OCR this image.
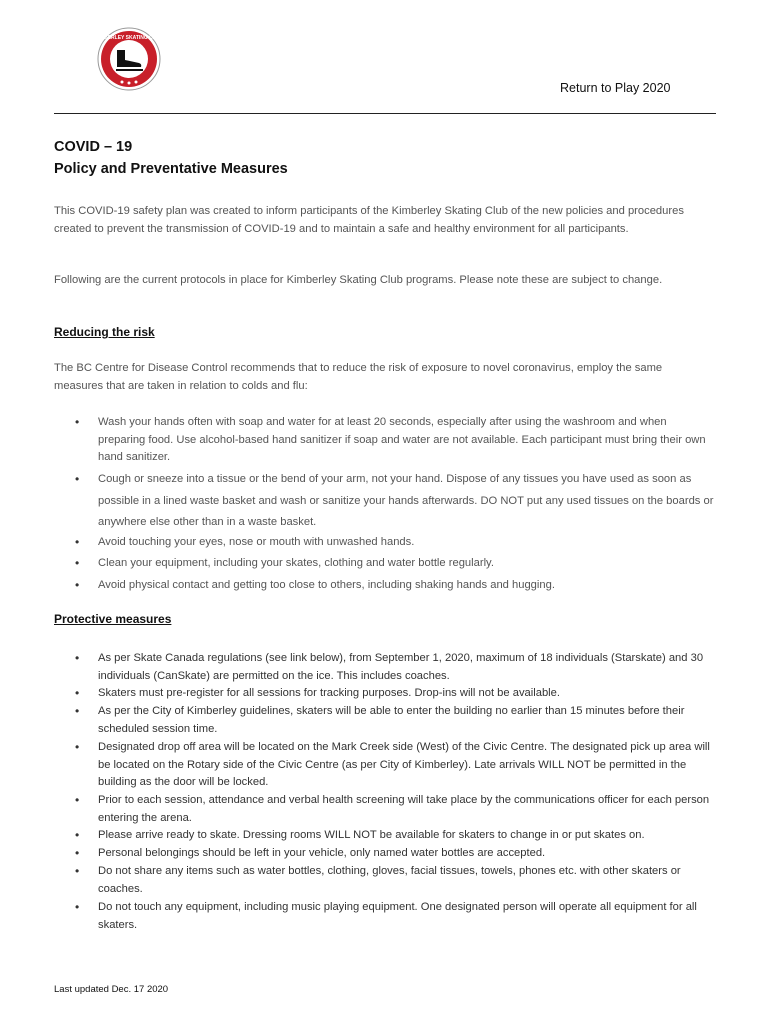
KIMBERLEY SKATING CLUB
Return to Play 2020
COVID – 19
Policy and Preventative Measures
This COVID-19 safety plan was created to inform participants of the Kimberley Skating Club of the new policies and procedures created to prevent the transmission of COVID-19 and to maintain a safe and healthy environment for all participants.
Following are the current protocols in place for Kimberley Skating Club programs. Please note these are subject to change.
Reducing the risk
The BC Centre for Disease Control recommends that to reduce the risk of exposure to novel coronavirus, employ the same measures that are taken in relation to colds and flu:
• Wash your hands often with soap and water for at least 20 seconds, especially after using the washroom and when preparing food. Use alcohol-based hand sanitizer if soap and water are not available. Each participant must bring their own hand sanitizer.
• Cough or sneeze into a tissue or the bend of your arm, not your hand. Dispose of any tissues you have used as soon as possible in a lined waste basket and wash or sanitize your hands afterwards. DO NOT put any used tissues on the boards or anywhere else other than in a waste basket.
• Avoid touching your eyes, nose or mouth with unwashed hands.
• Clean your equipment, including your skates, clothing and water bottle regularly.
• Avoid physical contact and getting too close to others, including shaking hands and hugging.
Protective measures
• As per Skate Canada regulations (see link below), from September 1, 2020, maximum of 18 individuals (Starskate) and 30 individuals (CanSkate) are permitted on the ice. This includes coaches.
• Skaters must pre-register for all sessions for tracking purposes. Drop-ins will not be available.
• As per the City of Kimberley guidelines, skaters will be able to enter the building no earlier than 15 minutes before their scheduled session time.
• Designated drop off area will be located on the Mark Creek side (West) of the Civic Centre. The designated pick up area will be located on the Rotary side of the Civic Centre (as per City of Kimberley). Late arrivals WILL NOT be permitted in the building as the door will be locked.
• Prior to each session, attendance and verbal health screening will take place by the communications officer for each person entering the arena.
• Please arrive ready to skate. Dressing rooms WILL NOT be available for skaters to change in or put skates on.
• Personal belongings should be left in your vehicle, only named water bottles are accepted.
• Do not share any items such as water bottles, clothing, gloves, facial tissues, towels, phones etc. with other skaters or coaches.
• Do not touch any equipment, including music playing equipment. One designated person will operate all equipment for all skaters.
Last updated Dec. 17 2020
